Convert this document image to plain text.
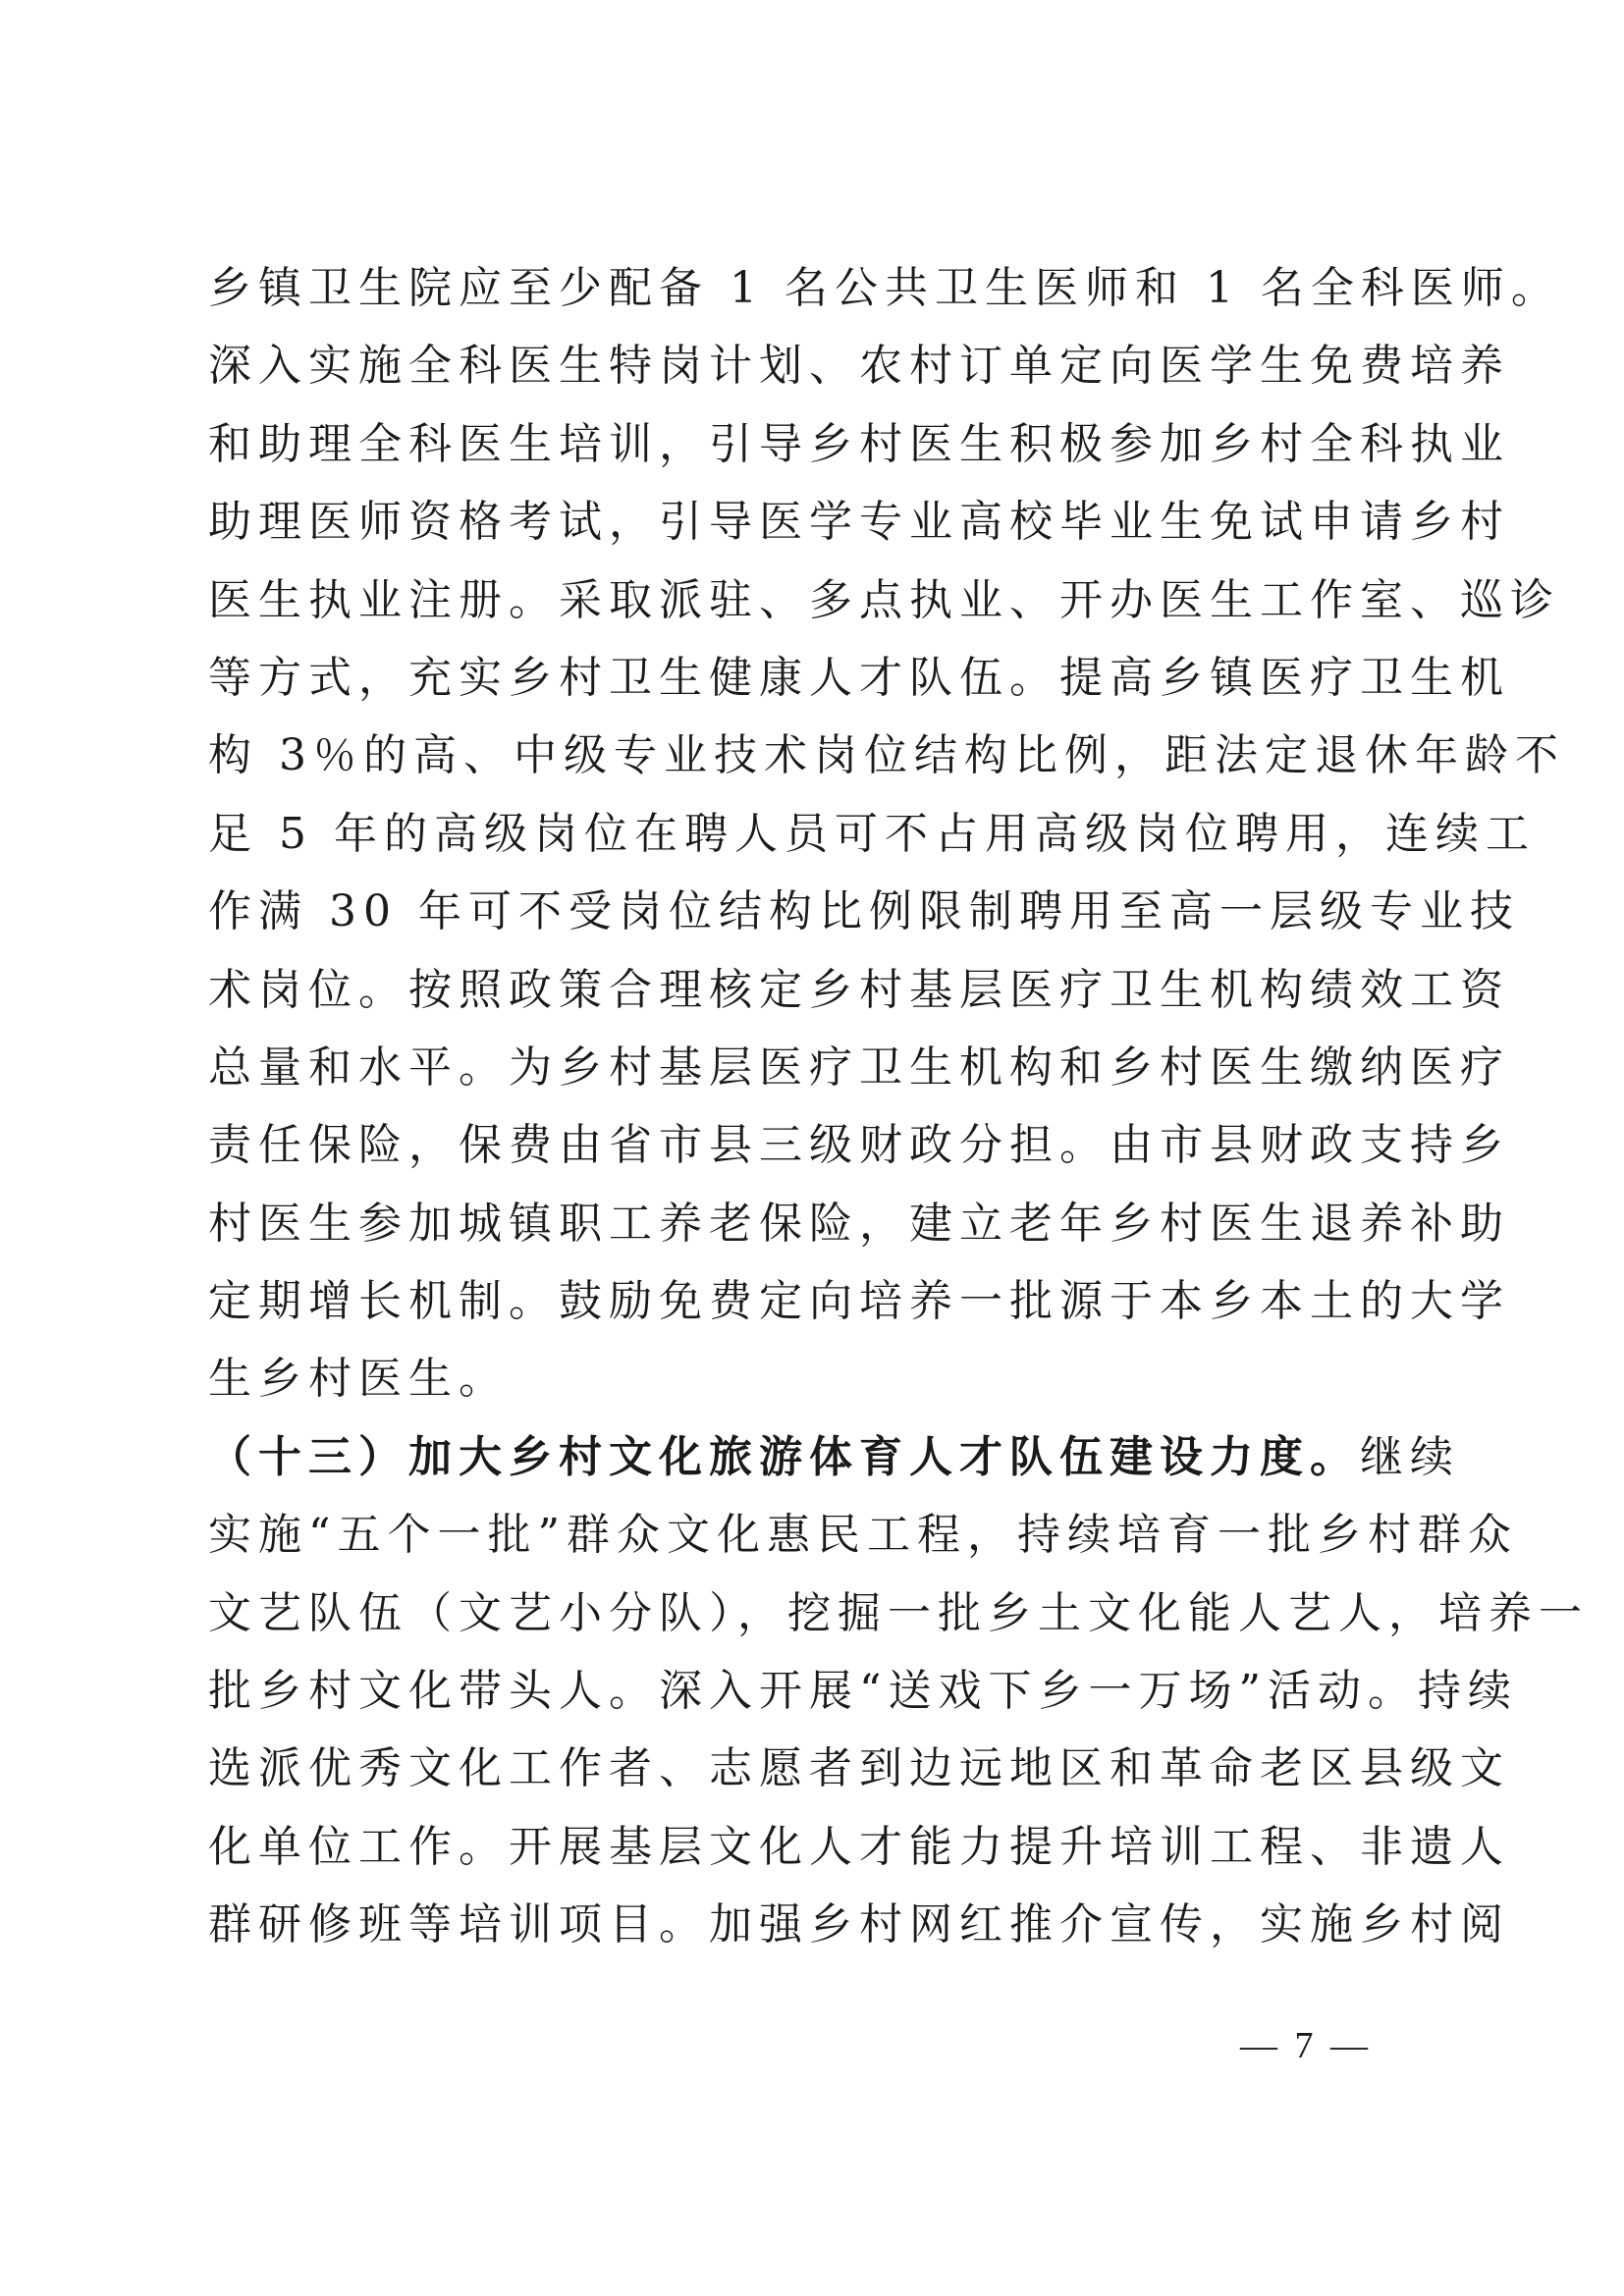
乡镇卫生院应至少配备 1 名公共卫生医师和 1 名全科医师。
深入实施全科医生特岗计划、农村订单定向医学生免费培养
和助理全科医生培训，引导乡村医生积极参加乡村全科执业
助理医师资格考试，引导医学专业高校毕业生免试申请乡村
医生执业注册。采取派驻、多点执业、开办医生工作室、巡诊
等方式，充实乡村卫生健康人才队伍。提高乡镇医疗卫生机
构 3％的高、中级专业技术岗位结构比例，距法定退休年龄不
足 5 年的高级岗位在聘人员可不占用高级岗位聘用，连续工
作满 30 年可不受岗位结构比例限制聘用至高一层级专业技
术岗位。按照政策合理核定乡村基层医疗卫生机构绩效工资
总量和水平。为乡村基层医疗卫生机构和乡村医生缴纳医疗
责任保险，保费由省市县三级财政分担。由市县财政支持乡
村医生参加城镇职工养老保险，建立老年乡村医生退养补助
定期增长机制。鼓励免费定向培养一批源于本乡本土的大学
生乡村医生。
（十三）加大乡村文化旅游体育人才队伍建设力度。继续
实施“五个一批”群众文化惠民工程，持续培育一批乡村群众
文艺队伍（文艺小分队），挖掘一批乡土文化能人艺人，培养一
批乡村文化带头人。深入开展“送戏下乡一万场”活动。持续
选派优秀文化工作者、志愿者到边远地区和革命老区县级文
化单位工作。开展基层文化人才能力提升培训工程、非遗人
群研修班等培训项目。加强乡村网红推介宣传，实施乡村阅
— 7 —
